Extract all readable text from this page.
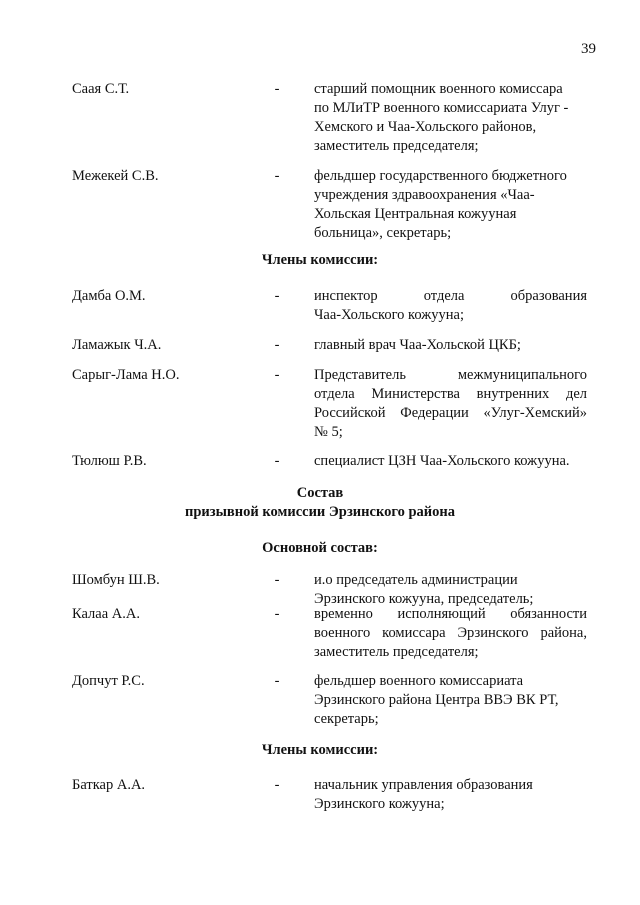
39
Саая С.Т.	- старший помощник военного комиссара
по МЛиТР военного комиссариата Улуг -
Хемского и Чаа-Хольского районов,
заместитель председателя;
Межекей С.В.	- фельдшер государственного бюджетного
учреждения здравоохранения «Чаа-
Хольская Центральная кожууная
больница», секретарь;
Члены комиссии:
Дамба О.М.	- инспектор отдела образования
Чаа-Хольского кожууна;
Ламажык Ч.А.	- главный врач Чаа-Хольской ЦКБ;
Сарыг-Лама Н.О.	- Представитель межмуниципального
отдела Министерства внутренних дел
Российской Федерации «Улуг-Хемский»
№ 5;
Тюлюш Р.В.	- специалист ЦЗН Чаа-Хольского кожууна.
Состав
призывной комиссии Эрзинского района
Основной состав:
Шомбун Ш.В.	- и.о председатель администрации
Эрзинского кожууна, председатель;
Калаа А.А.	- временно исполняющий обязанности
военного комиссара Эрзинского района,
заместитель председателя;
Допчут Р.С.	- фельдшер военного комиссариата
Эрзинского района Центра ВВЭ ВК РТ,
секретарь;
Члены комиссии:
Баткар А.А.	- начальник управления образования
Эрзинского кожууна;
